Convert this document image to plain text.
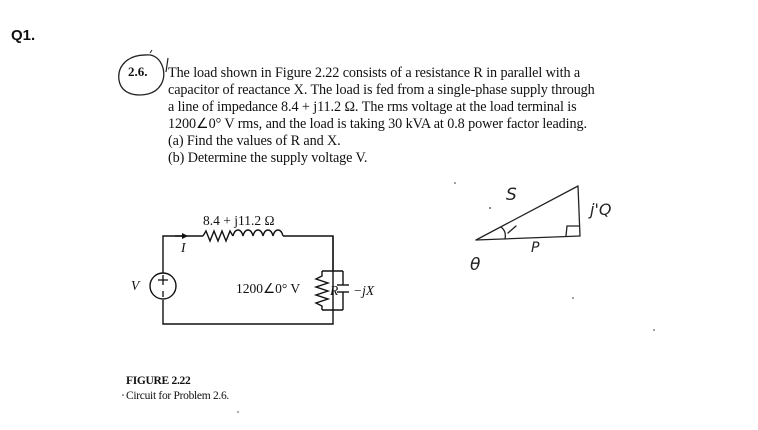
Q1.
2.6. The load shown in Figure 2.22 consists of a resistance R in parallel with a
capacitor of reactance X. The load is fed from a single-phase supply through
a line of impedance 8.4 + j11.2 Ω. The rms voltage at the load terminal is
1200∠0° V rms, and the load is taking 30 kVA at 0.8 power factor leading.
(a) Find the values of R and X.
(b) Determine the supply voltage V.
8.4 + j11.2 Ω
I
V	1200∠0° V R −jX
FIGURE 2.22
Circuit for Problem 2.6.
S
j'Q
θ
P
